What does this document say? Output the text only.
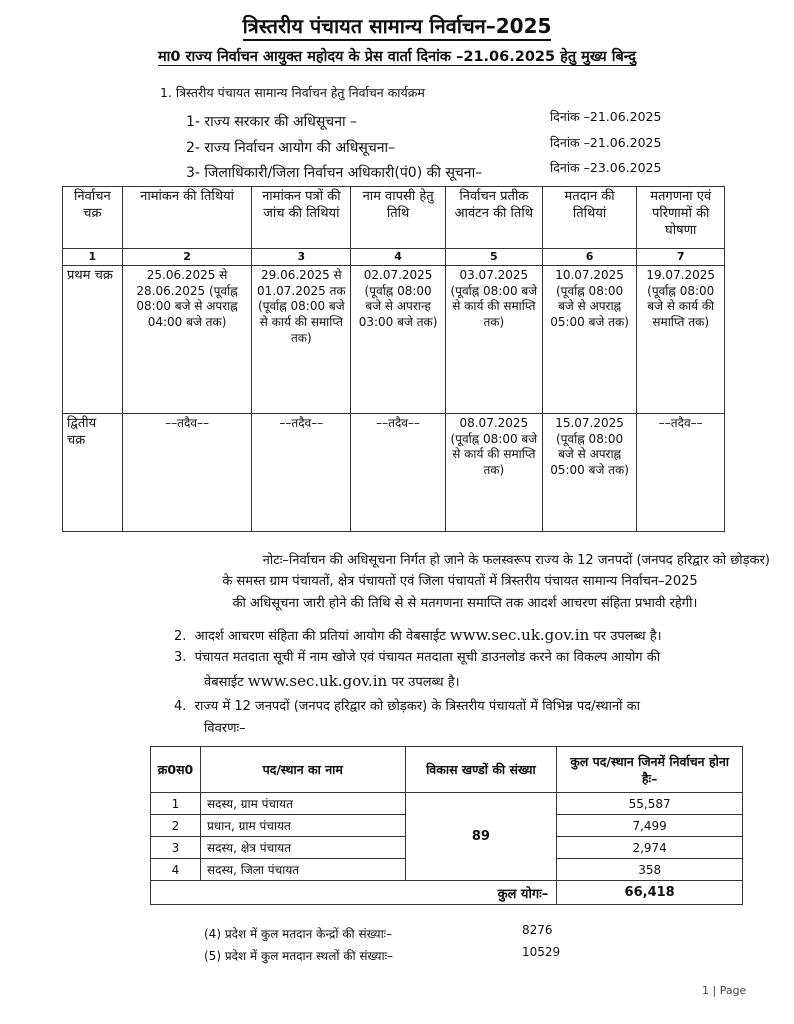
त्रिस्तरीय पंचायत सामान्य निर्वाचन–2025
मा0 राज्य निर्वाचन आयुक्त महोदय के प्रेस वार्ता दिनांक –21.06.2025 हेतु मुख्य बिन्दु
1. त्रिस्तरीय पंचायत सामान्य निर्वाचन हेतु निर्वाचन कार्यक्रम
1- राज्य सरकार की अधिसूचना –	दिनांक –21.06.2025
2- राज्य निर्वाचन आयोग की अधिसूचना–	दिनांक –21.06.2025
3- जिलाधिकारी/जिला निर्वाचन अधिकारी(पं0) की सूचना–	दिनांक –23.06.2025
निर्वाचन चक्र	नामांकन की तिथियां	नामांकन पत्रों की जांच की तिथियां	नाम वापसी हेतु तिथि	निर्वाचन प्रतीक आवंटन की तिथि	मतदान की तिथियां	मतगणना एवं परिणामों की घोषणा
1	2	3	4	5	6	7
प्रथम चक्र	25.06.2025 से 28.06.2025 (पूर्वाह्न 08:00 बजे से अपराह्न 04:00 बजे तक)	29.06.2025 से 01.07.2025 तक (पूर्वाह्न 08:00 बजे से कार्य की समाप्ति तक)	02.07.2025 (पूर्वाह्न 08:00 बजे से अपरान्ह 03:00 बजे तक)	03.07.2025 (पूर्वाह्न 08:00 बजे से कार्य की समाप्ति तक)	10.07.2025 (पूर्वाह्न 08:00 बजे से अपराह्न 05:00 बजे तक)	19.07.2025 (पूर्वाह्न 08:00 बजे से कार्य की समाप्ति तक)
द्वितीय चक्र	––तदैव––	––तदैव––	––तदैव––	08.07.2025 (पूर्वाह्न 08:00 बजे से कार्य की समाप्ति तक)	15.07.2025 (पूर्वाह्न 08:00 बजे से अपराह्न 05:00 बजे तक)	––तदैव––
नोटः–निर्वाचन की अधिसूचना निर्गत हो जाने के फलस्वरूप राज्य के 12 जनपदों (जनपद हरिद्वार को छोड़कर)
के समस्त ग्राम पंचायतों, क्षेत्र पंचायतों एवं जिला पंचायतों में त्रिस्तरीय पंचायत सामान्य निर्वाचन–2025
की अधिसूचना जारी होने की तिथि से से मतगणना समाप्ति तक आदर्श आचरण संहिता प्रभावी रहेगी।
2. आदर्श आचरण संहिता की प्रतियां आयोग की वेबसाईट www.sec.uk.gov.in पर उपलब्ध है।
3. पंचायत मतदाता सूची में नाम खोजे एवं पंचायत मतदाता सूची डाउनलोड करने का विकल्प आयोग की
वेबसाईट www.sec.uk.gov.in पर उपलब्ध है।
4. राज्य में 12 जनपदों (जनपद हरिद्वार को छोड़कर) के त्रिस्तरीय पंचायतों में विभिन्न पद/स्थानों का
विवरणः–
क्र0स0	पद/स्थान का नाम	विकास खण्डों की संख्या	कुल पद/स्थान जिनमें निर्वाचन होना हैः–
1	सदस्य, ग्राम पंचायत	89	55,587
2	प्रधान, ग्राम पंचायत		7,499
3	सदस्य, क्षेत्र पंचायत		2,974
4	सदस्य, जिला पंचायत		358
कुल योगः–			66,418
(4) प्रदेश में कुल मतदान केन्द्रों की संख्याः–	8276
(5) प्रदेश में कुल मतदान स्थलों की संख्याः–	10529
1 | Page
